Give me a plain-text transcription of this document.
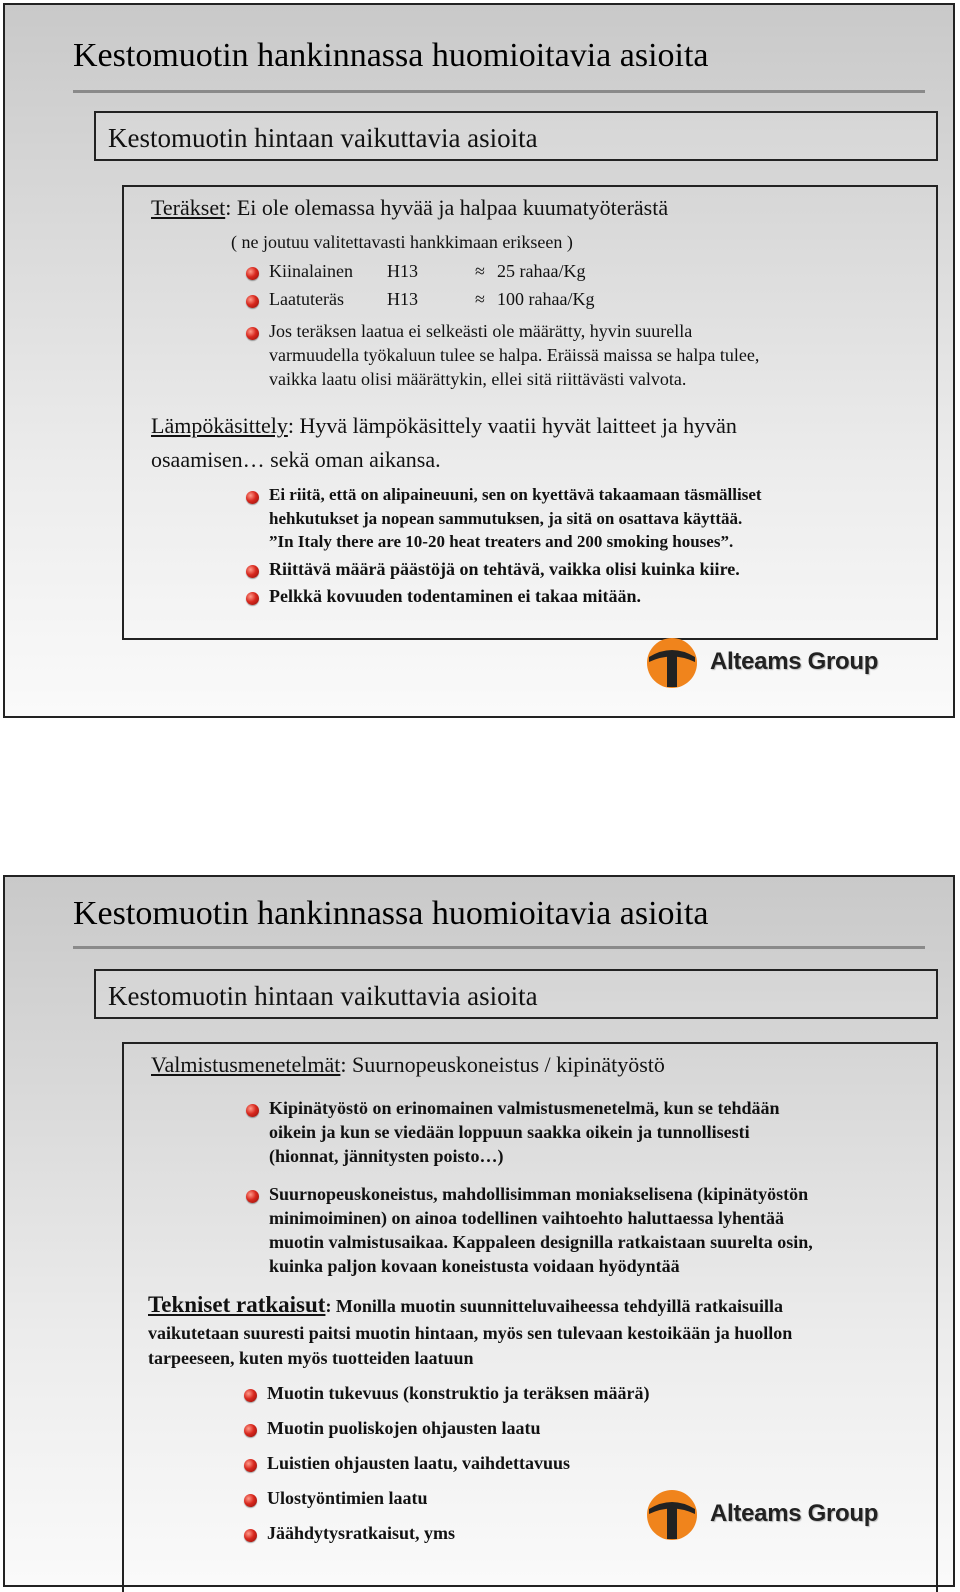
Kestomuotin hankinnassa huomioitavia asioita
Kestomuotin hintaan vaikuttavia asioita
Teräkset: Ei ole olemassa hyvää ja halpaa kuumatyöterästä
( ne joutuu valitettavasti hankkimaan erikseen )
Kiinalainen H13	≈ 25 rahaa/Kg
Laatuteräs H13	≈ 100 rahaa/Kg
Jos teräksen laatua ei selkeästi ole määrätty, hyvin suurella
varmuudella työkaluun tulee se halpa. Eräissä maissa se halpa tulee,
vaikka laatu olisi määrättykin, ellei sitä riittävästi valvota.
Lämpökäsittely: Hyvä lämpökäsittely vaatii hyvät laitteet ja hyvän
osaamisen… sekä oman aikansa.
Ei riitä, että on alipaineuuni, sen on kyettävä takaamaan täsmälliset
hehkutukset ja nopean sammutuksen, ja sitä on osattava käyttää.
”In Italy there are 10-20 heat treaters and 200 smoking houses”.
Riittävä määrä päästöjä on tehtävä, vaikka olisi kuinka kiire.
Pelkkä kovuuden todentaminen ei takaa mitään.
Alteams Group
Kestomuotin hankinnassa huomioitavia asioita
Kestomuotin hintaan vaikuttavia asioita
Valmistusmenetelmät: Suurnopeuskoneistus / kipinätyöstö
Kipinätyöstö on erinomainen valmistusmenetelmä, kun se tehdään
oikein ja kun se viedään loppuun saakka oikein ja tunnollisesti
(hionnat, jännitysten poisto…)
Suurnopeuskoneistus, mahdollisimman moniakselisena (kipinätyöstön
minimoiminen) on ainoa todellinen vaihtoehto haluttaessa lyhentää
muotin valmistusaikaa. Kappaleen designilla ratkaistaan suurelta osin,
kuinka paljon kovaan koneistusta voidaan hyödyntää
Tekniset ratkaisut: Monilla muotin suunnitteluvaiheessa tehdyillä ratkaisuilla
vaikutetaan suuresti paitsi muotin hintaan, myös sen tulevaan kestoikään ja huollon
tarpeeseen, kuten myös tuotteiden laatuun
Muotin tukevuus (konstruktio ja teräksen määrä)
Muotin puoliskojen ohjausten laatu
Luistien ohjausten laatu, vaihdettavuus
Ulostyöntimien laatu
Jäähdytysratkaisut, yms
Alteams Group
